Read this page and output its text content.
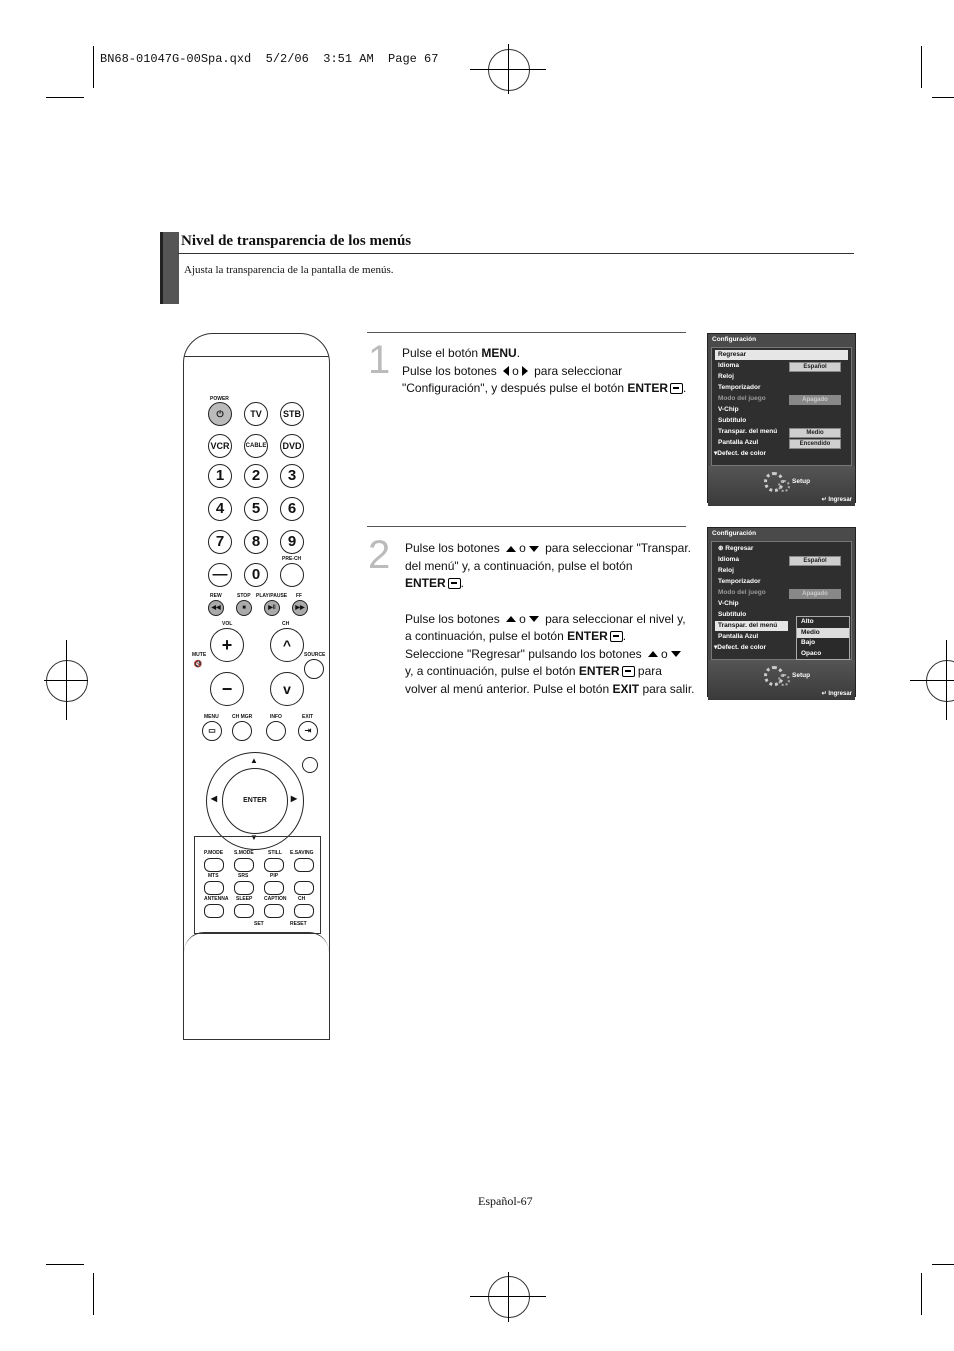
BN68-01047G-00Spa.qxd  5/2/06  3:51 AM  Page 67
Nivel de transparencia de los menús
Ajusta la transparencia de la pantalla de menús.
POWER
⏻	TV	STB
VCR	CABLE DVD
1	2	3
4	5	6
7	8	9
—	0
PRE-CH
REW	STOP PLAY/PAUSE FF
◀◀	■	▶‖	▶▶
VOL	CH
+	^
MUTE	SOURCE
🔇
−	v
MENU	CH MGR	INFO	EXIT
▭	⇥
ENTER
▲
▼
◀	▶
P.MODE S.MODE	STILL E.SAVING
MTS	SRS	PIP
ANTENNA SLEEP CAPTION CH
SET	RESET
1 Pulse el botón MENU.
Pulse los botones o para seleccionar
"Configuración", y después pulse el botón ENTER .
Configuración
Regresar
Idioma	Español
Reloj
Temporizador
Modo del juego	Apagado
V-Chip
Subtítulo
Transpar. del menú	Medio
Pantalla Azul	Encendido
▾Defect. de color
Setup
↵ Ingresar
2 Pulse los botones o para seleccionar "Transpar.
del menú" y, a continuación, pulse el botón
ENTER .
Pulse los botones o para seleccionar el nivel y,
a continuación, pulse el botón ENTER .
Seleccione "Regresar" pulsando los botones o
y, a continuación, pulse el botón ENTER para
volver al menú anterior. Pulse el botón EXIT para salir.
Configuración
⊕ Regresar
Idioma	Español
Reloj
Temporizador
Modo del juego	Apagado
V-Chip
Subtítulo
Transpar. del menú
Pantalla Azul
▾Defect. de color
Alto
Medio
Bajo
Opaco
Setup
↵ Ingresar
Español-67
